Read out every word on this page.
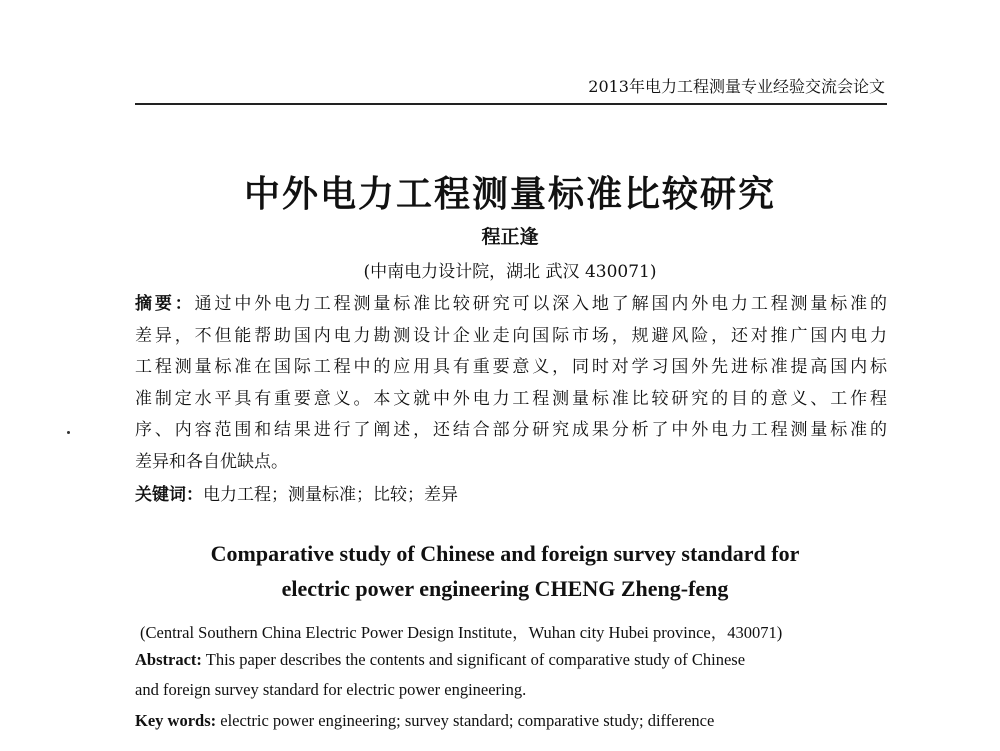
2013年电力工程测量专业经验交流会论文
中外电力工程测量标准比较研究
程正逢
(中南电力设计院，湖北 武汉 430071)
摘要：通过中外电力工程测量标准比较研究可以深入地了解国内外电力工程测量标准的
差异，不但能帮助国内电力勘测设计企业走向国际市场，规避风险，还对推广国内电力
工程测量标准在国际工程中的应用具有重要意义，同时对学习国外先进标准提高国内标
准制定水平具有重要意义。本文就中外电力工程测量标准比较研究的目的意义、工作程
序、内容范围和结果进行了阐述，还结合部分研究成果分析了中外电力工程测量标准的
差异和各自优缺点。
关键词：电力工程；测量标准；比较；差异
Comparative study of Chinese and foreign survey standard for
electric power engineering CHENG Zheng-feng
(Central Southern China Electric Power Design Institute，Wuhan city Hubei province，430071)
Abstract: This paper describes the contents and significant of comparative study of Chinese
and foreign survey standard for electric power engineering.
Key words: electric power engineering; survey standard; comparative study; difference
